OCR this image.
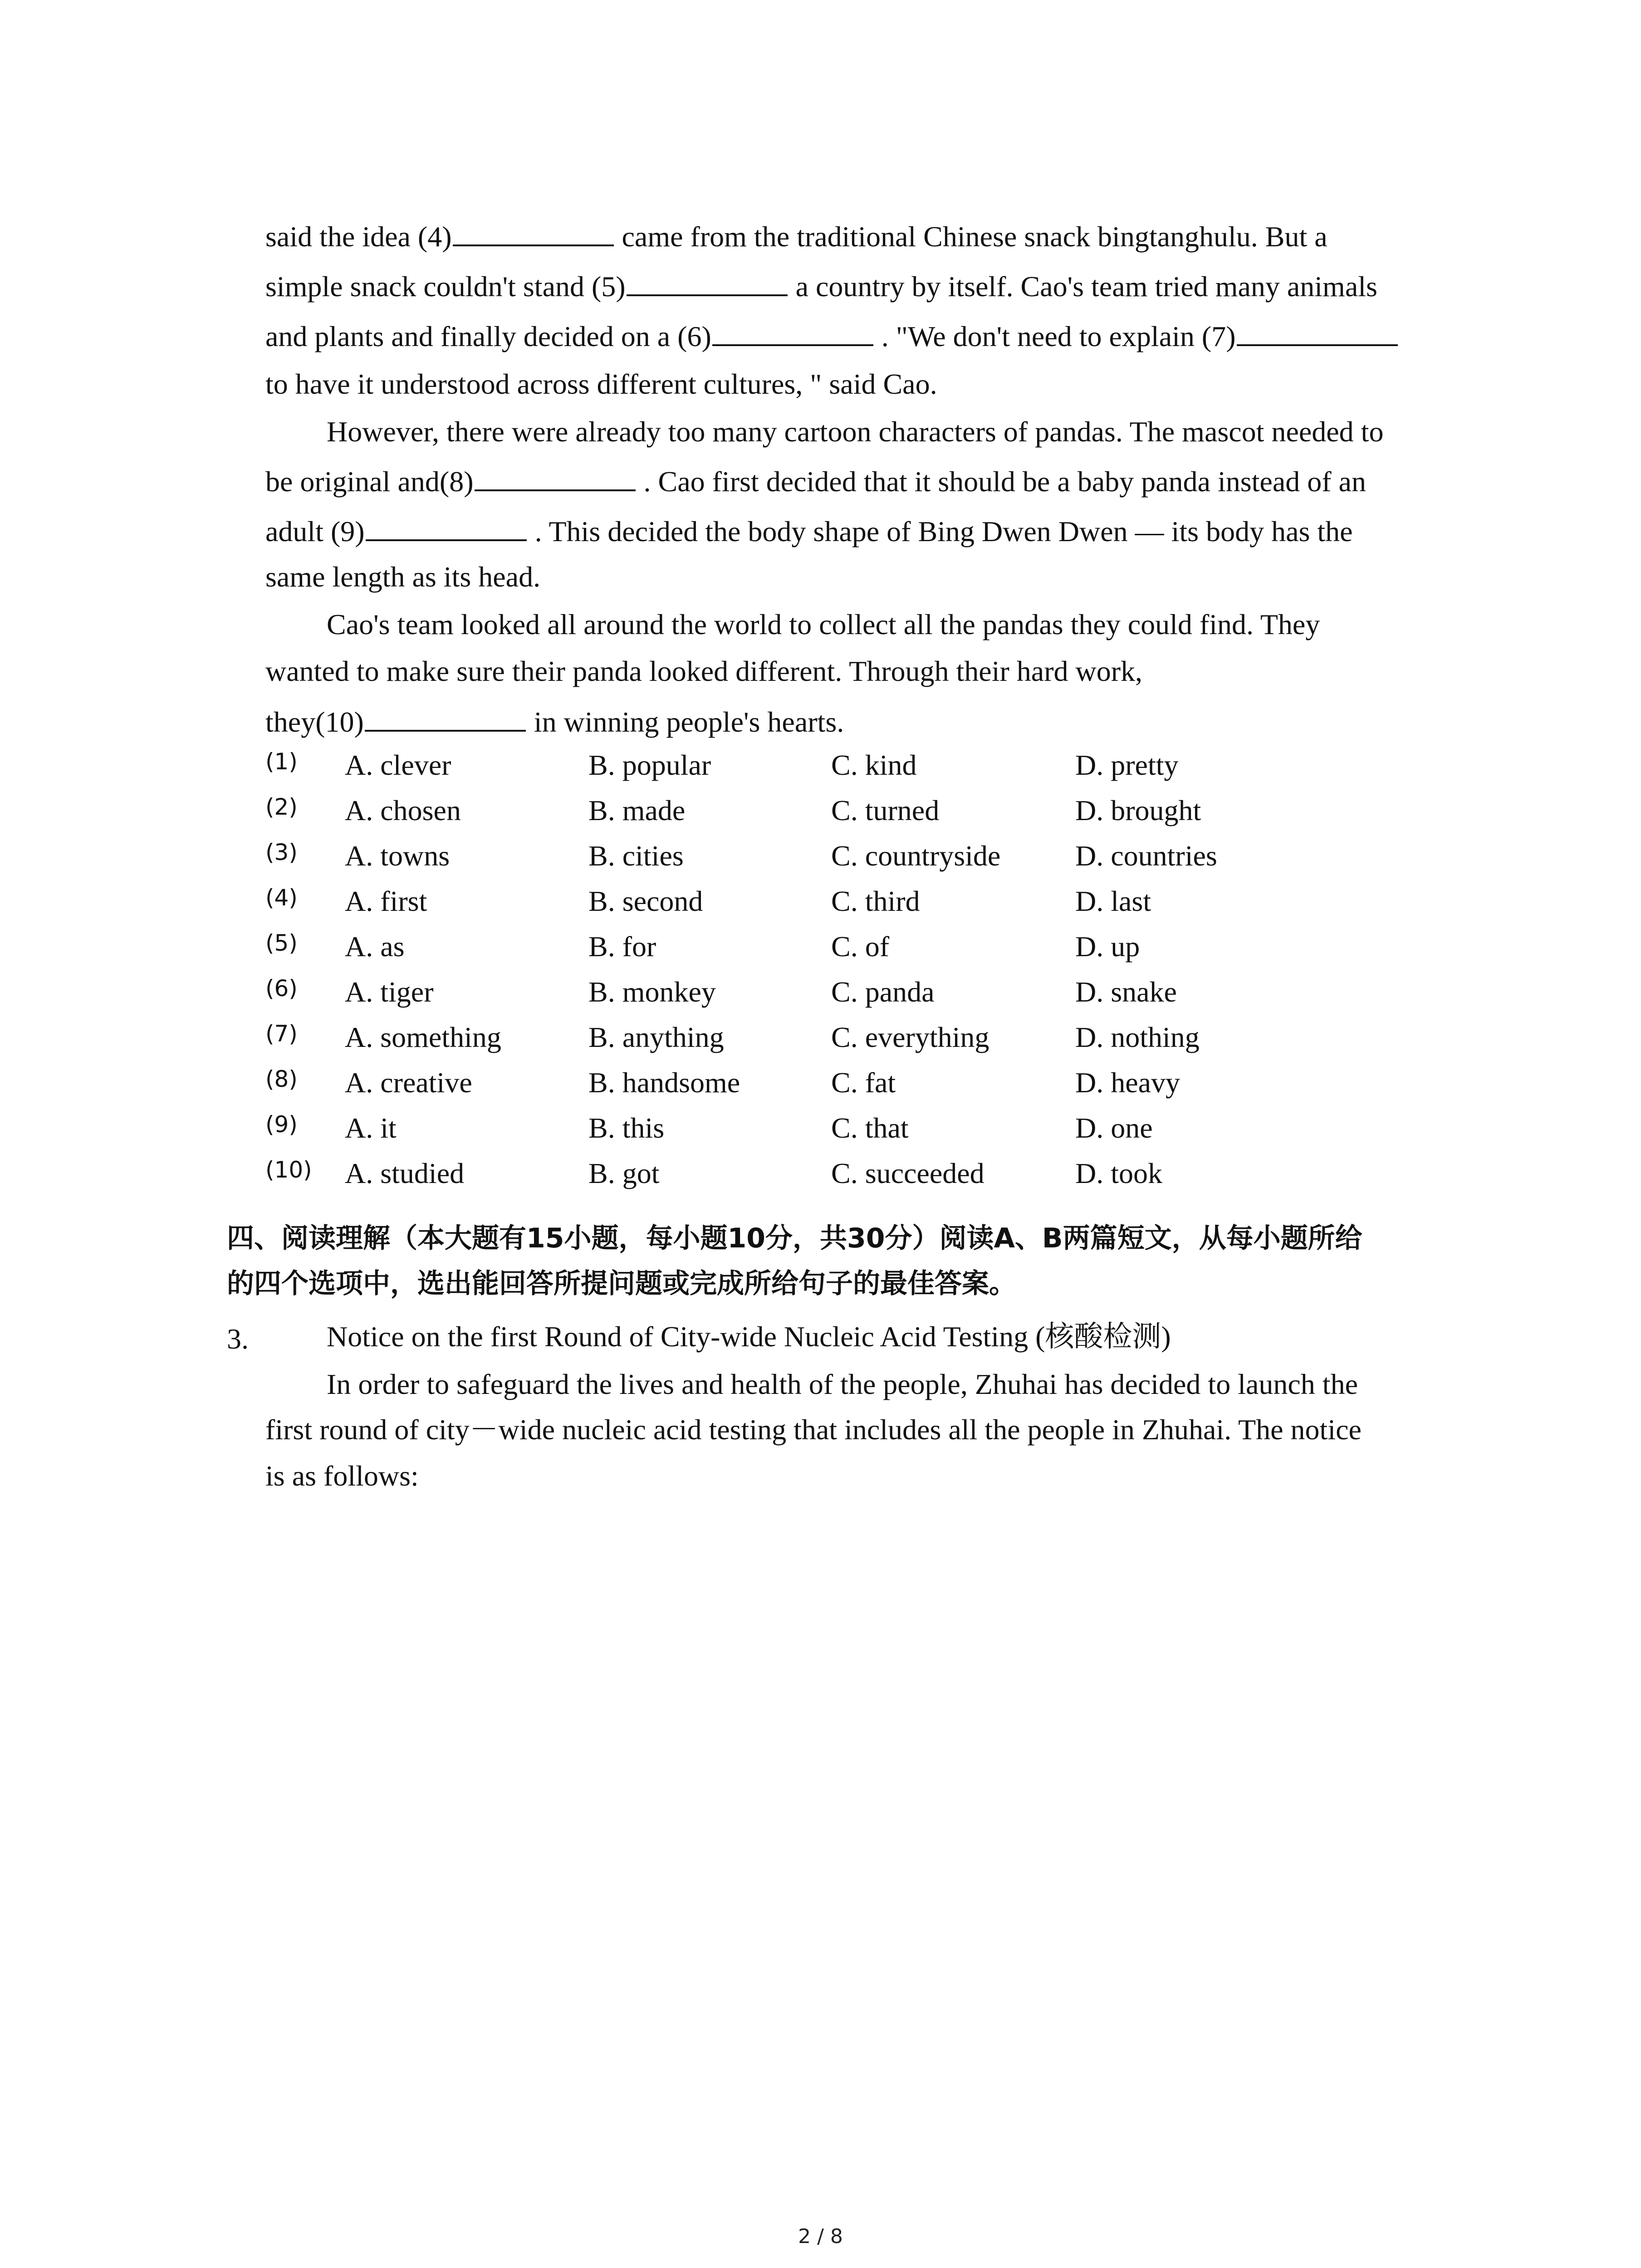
said the idea (4)	came from the traditional Chinese snack bingtanghulu. But a
simple snack couldn't stand (5)	a country by itself. Cao's team tried many animals
and plants and finally decided on a (6)	. "We don't need to explain (7)
to have it understood across different cultures, " said Cao.
However, there were already too many cartoon characters of pandas. The mascot needed to
be original and(8)	. Cao first decided that it should be a baby panda instead of an
adult (9)	. This decided the body shape of Bing Dwen Dwen — its body has the
same length as its head.
Cao's team looked all around the world to collect all the pandas they could find. They
wanted to make sure their panda looked different. Through their hard work,
they(10)	in winning people's hearts.
(1) A. clever	B. popular	C. kind	D. pretty
(2) A. chosen	B. made	C. turned	D. brought
(3) A. towns	B. cities	C. countryside	D. countries
(4) A. first	B. second	C. third	D. last
(5) A. as	B. for	C. of	D. up
(6) A. tiger	B. monkey	C. panda	D. snake
(7) A. something	B. anything	C. everything	D. nothing
(8) A. creative	B. handsome	C. fat	D. heavy
(9) A. it	B. this	C. that	D. one
(10) A. studied	B. got	C. succeeded	D. took
四、阅读理解（本大题有15小题，每小题10分，共30分）阅读A、B两篇短文，从每小题所给
的四个选项中，选出能回答所提问题或完成所给句子的最佳答案。
3.	Notice on the first Round of City-wide Nucleic Acid Testing (核酸检测)
In order to safeguard the lives and health of the people, Zhuhai has decided to launch the
first round of city－wide nucleic acid testing that includes all the people in Zhuhai. The notice
is as follows:
2 / 8
